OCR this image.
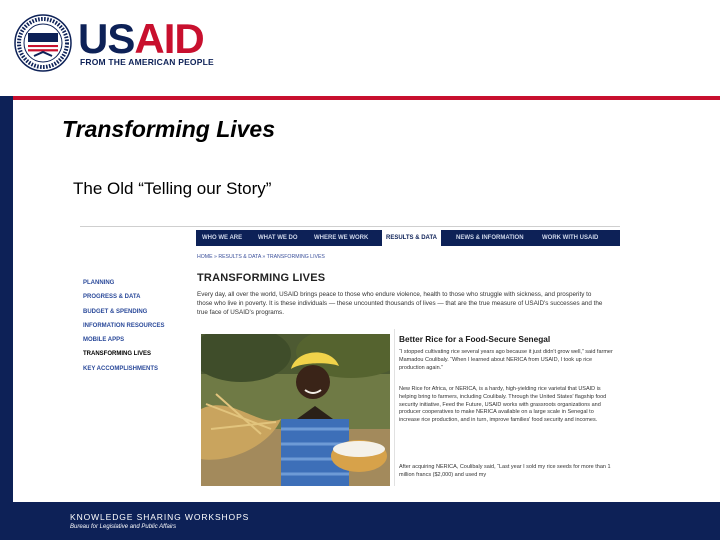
USAID
FROM THE AMERICAN PEOPLE
Transforming Lives
The Old “Telling our Story”
WHO WE ARE	WHAT WE DO	WHERE WE WORK	RESULTS & DATA	NEWS & INFORMATION	WORK WITH USAID
HOME » RESULTS & DATA » TRANSFORMING LIVES
PLANNING
PROGRESS & DATA
BUDGET & SPENDING
INFORMATION RESOURCES
MOBILE APPS
TRANSFORMING LIVES
KEY ACCOMPLISHMENTS
TRANSFORMING LIVES
Every day, all over the world, USAID brings peace to those who endure violence, health to those who struggle with sickness, and prosperity to those who live in poverty. It is these individuals — these uncounted thousands of lives — that are the true measure of USAID's successes and the true face of USAID's programs.
Better Rice for a Food-Secure Senegal

“I stopped cultivating rice several years ago because it just didn't grow well,” said farmer Mamadou Coulibaly. “When I learned about NERICA from USAID, I took up rice production again.”

New Rice for Africa, or NERICA, is a hardy, high-yielding rice varietal that USAID is helping bring to farmers, including Coulibaly. Through the United States' flagship food security initiative, Feed the Future, USAID works with grassroots organizations and producer cooperatives to make NERICA available on a large scale in Senegal to increase rice production, and in turn, improve families' food security and incomes.

After acquiring NERICA, Coulibaly said, “Last year I sold my rice seeds for more than 1 million francs ($2,000) and used my

KNOWLEDGE SHARING WORKSHOPS
Bureau for Legislative and Public Affairs
